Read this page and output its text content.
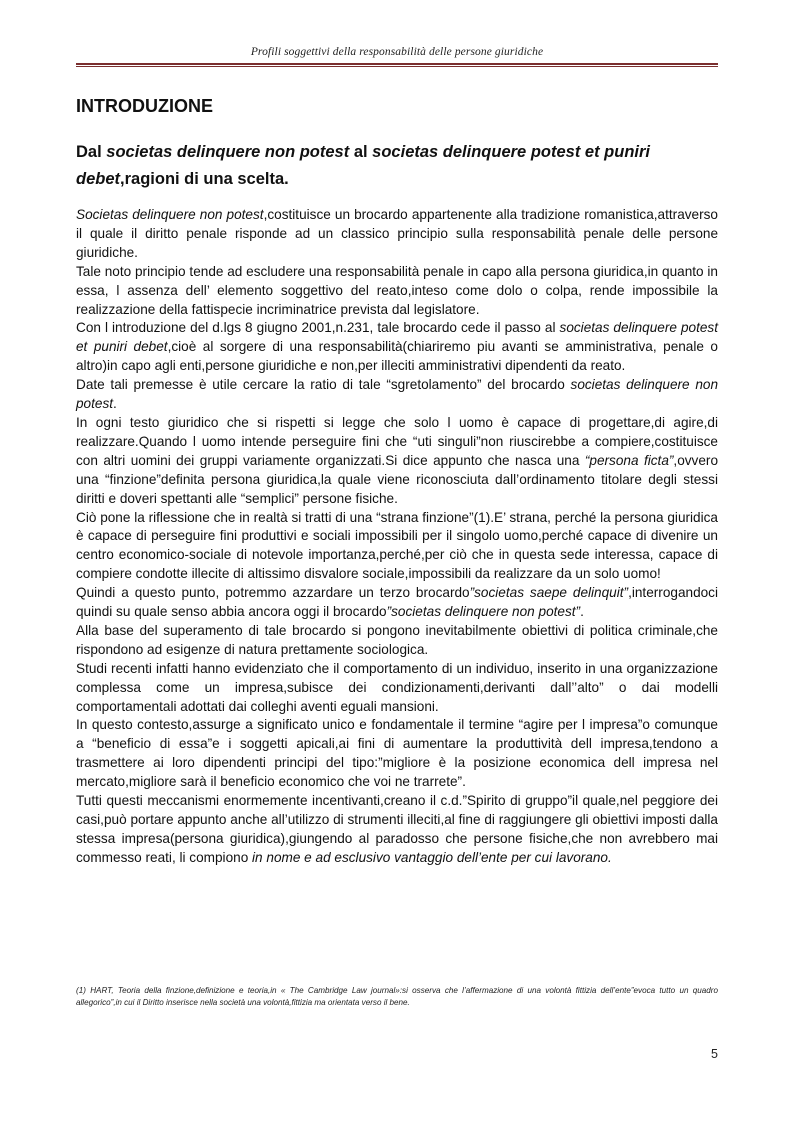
Profili soggettivi della responsabilità delle persone giuridiche
INTRODUZIONE
Dal societas delinquere non potest al societas delinquere potest et puniri debet,ragioni di una scelta.

Societas delinquere non potest,costituisce un brocardo appartenente alla tradizione romanistica,attraverso il quale il diritto penale risponde ad un classico principio sulla responsabilità penale delle persone giuridiche.

Tale noto principio tende ad escludere una responsabilità penale in capo alla persona giuridica,in quanto in essa, l assenza dell’ elemento soggettivo del reato,inteso come dolo o colpa, rende impossibile la realizzazione della fattispecie incriminatrice prevista dal legislatore.

Con l introduzione del d.lgs 8 giugno 2001,n.231, tale brocardo cede il passo al societas delinquere potest et puniri debet,cioè al sorgere di una responsabilità(chiariremo piu avanti se amministrativa, penale o altro)in capo agli enti,persone giuridiche e non,per illeciti amministrativi dipendenti da reato.

Date tali premesse è utile cercare la ratio di tale “sgretolamento” del brocardo societas delinquere non potest.

In ogni testo giuridico che si rispetti si legge che solo l uomo è capace di progettare,di agire,di realizzare.Quando l uomo intende perseguire fini che “uti singuli”non riuscirebbe a compiere,costituisce con altri uomini dei gruppi variamente organizzati.Si dice appunto che nasca una “persona ficta”,ovvero una “finzione”definita persona giuridica,la quale viene riconosciuta dall’ordinamento titolare degli stessi diritti e doveri spettanti alle “semplici” persone fisiche.

Ciò pone la riflessione che in realtà si tratti di una “strana finzione”(1).E’ strana, perché la persona giuridica è capace di perseguire fini produttivi e sociali impossibili per il singolo uomo,perché capace di divenire un centro economico-sociale di notevole importanza,perché,per ciò che in questa sede interessa, capace di compiere condotte illecite di altissimo disvalore sociale,impossibili da realizzare da un solo uomo!

Quindi a questo punto, potremmo azzardare un terzo brocardo”societas saepe delinquit”,interrogandoci quindi su quale senso abbia ancora oggi il brocardo”societas delinquere non potest”.

Alla base del superamento di tale brocardo si pongono inevitabilmente obiettivi di politica criminale,che rispondono ad esigenze di natura prettamente sociologica.

Studi recenti infatti hanno evidenziato che il comportamento di un individuo, inserito in una organizzazione complessa come un impresa,subisce dei condizionamenti,derivanti dall’’alto” o dai modelli comportamentali adottati dai colleghi aventi eguali mansioni.

In questo contesto,assurge a significato unico e fondamentale il termine “agire per l impresa”o comunque a “beneficio di essa”e i soggetti apicali,ai fini di aumentare la produttività dell impresa,tendono a trasmettere ai loro dipendenti principi del tipo:”migliore è la posizione economica dell impresa nel mercato,migliore sarà il beneficio economico che voi ne trarrete”.

Tutti questi meccanismi enormemente incentivanti,creano il c.d.”Spirito di gruppo”il quale,nel peggiore dei casi,può portare appunto anche all’utilizzo di strumenti illeciti,al fine di raggiungere gli obiettivi imposti dalla stessa impresa(persona giuridica),giungendo al paradosso che persone fisiche,che non avrebbero mai commesso reati, li compiono in nome e ad esclusivo vantaggio dell’ente per cui lavorano.

(1) HART, Teoria della finzione,definizione e teoria,in « The Cambridge Law journal»:si osserva che l’affermazione di una volontà fittizia dell’ente”evoca tutto un quadro allegorico”,in cui il Diritto inserisce nella società una volontà,fittizia ma orientata verso il bene.
5
